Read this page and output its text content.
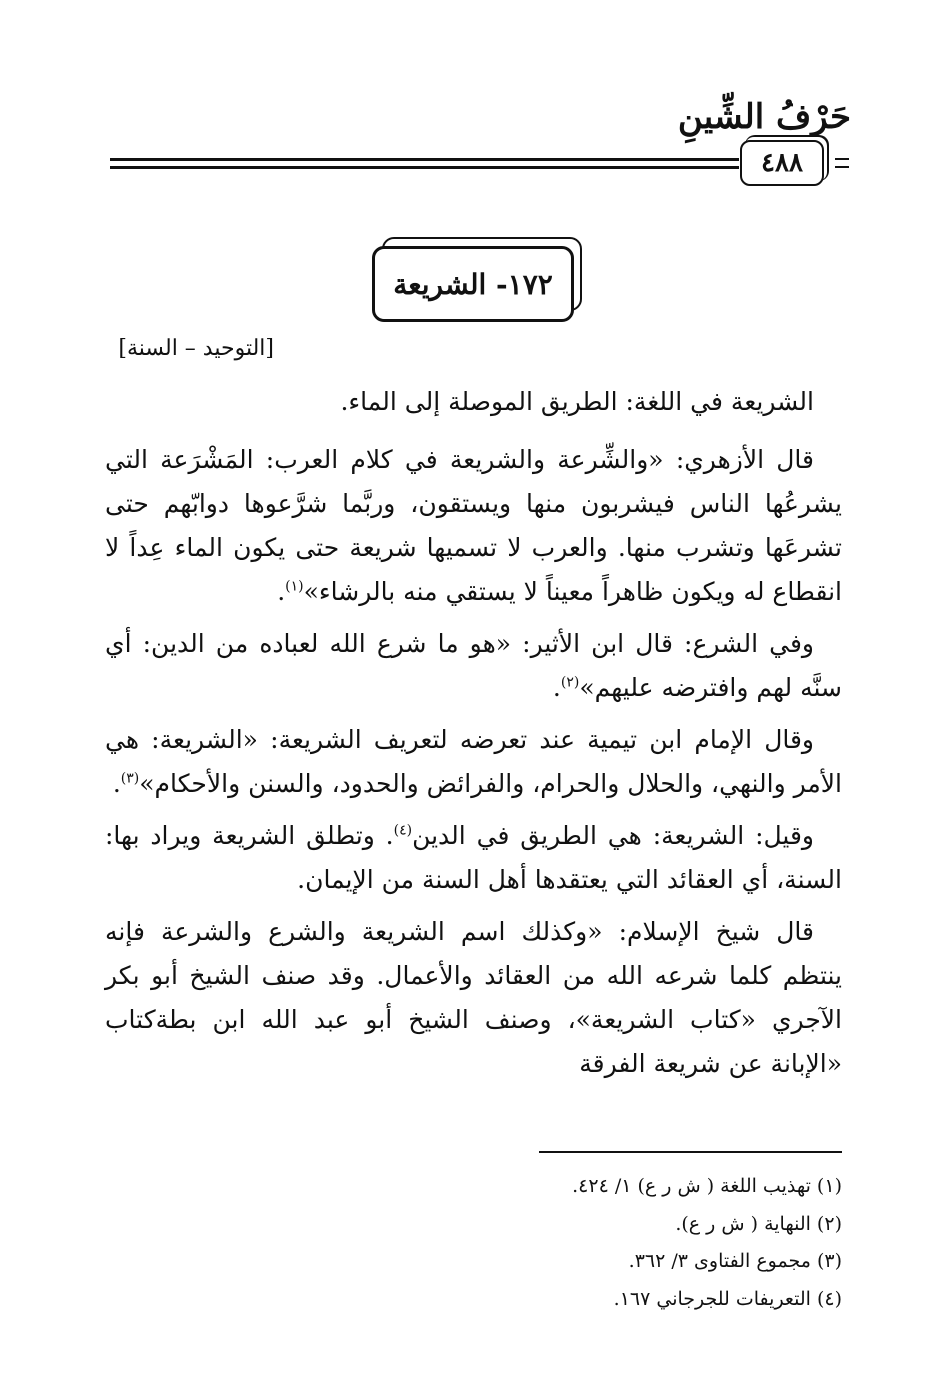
حَرْفُ الشِّينِ
٤٨٨
١٧٢- الشريعة
[التوحيد – السنة]

الشريعة في اللغة: الطريق الموصلة إلى الماء.

قال الأزهري: «والشِّرعة والشريعة في كلام العرب: المَشْرَعة التي يشرعُها الناس فيشربون منها ويستقون، وربَّما شرَّعوها دوابّهم حتى تشرعَها وتشرب منها. والعرب لا تسميها شريعة حتى يكون الماء عِداً لا انقطاع له ويكون ظاهراً معيناً لا يستقي منه بالرشاء»$^{(١)}$.

وفي الشرع: قال ابن الأثير: «هو ما شرع الله لعباده من الدين: أي سنَّه لهم وافترضه عليهم»$^{(٢)}$.

وقال الإمام ابن تيمية عند تعرضه لتعريف الشريعة: «الشريعة: هي الأمر والنهي، والحلال والحرام، والفرائض والحدود، والسنن والأحكام»$^{(٣)}$.

وقيل: الشريعة: هي الطريق في الدين$^{(٤)}$. وتطلق الشريعة ويراد بها: السنة، أي العقائد التي يعتقدها أهل السنة من الإيمان.

قال شيخ الإسلام: «وكذلك اسم الشريعة والشرع والشرعة فإنه ينتظم كلما شرعه الله من العقائد والأعمال. وقد صنف الشيخ أبو بكر الآجري «كتاب الشريعة»، وصنف الشيخ أبو عبد الله ابن بطةكتاب «الإبانة عن شريعة الفرقة

(١) تهذيب اللغة ( ش ر ع) ١/ ٤٢٤.
(٢) النهاية ( ش ر ع).
(٣) مجموع الفتاوى ٣/ ٣٦٢.
(٤) التعريفات للجرجاني ١٦٧.
